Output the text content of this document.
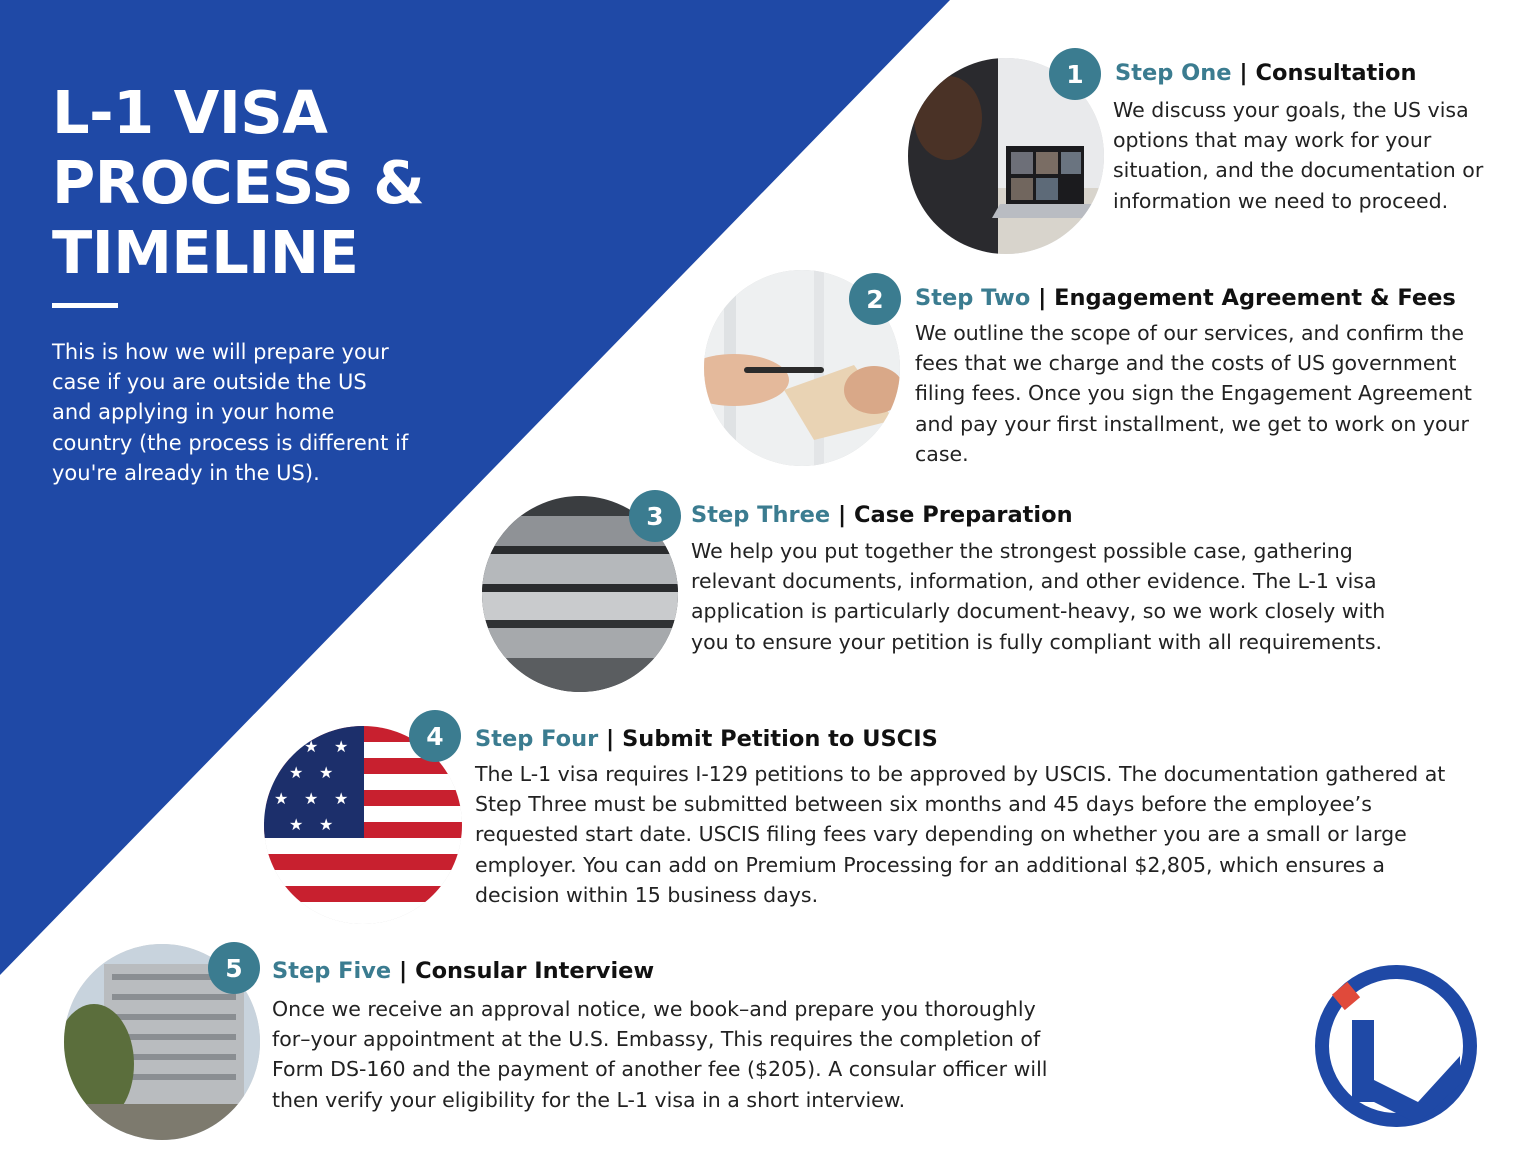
L-1 VISA
PROCESS &
TIMELINE

This is how we will prepare your case if you are outside the US and applying in your home country (the process is different if you're already in the US).

1	Step One | Consultation

We discuss your goals, the US visa options that may work for your situation, and the documentation or information we need to proceed.

2	Step Two | Engagement Agreement & Fees

We outline the scope of our services, and confirm the fees that we charge and the costs of US government filing fees. Once you sign the Engagement Agreement and pay your first installment, we get to work on your case.

3	Step Three | Case Preparation

We help you put together the strongest possible case, gathering relevant documents, information, and other evidence. The L-1 visa application is particularly document-heavy, so we work closely with you to ensure your petition is fully compliant with all requirements.

★ ★ ★
★ ★
★ ★ ★
★ ★
4	Step Four | Submit Petition to USCIS

The L-1 visa requires I-129 petitions to be approved by USCIS. The documentation gathered at Step Three must be submitted between six months and 45 days before the employee’s requested start date. USCIS filing fees vary depending on whether you are a small or large employer. You can add on Premium Processing for an additional $2,805, which ensures a decision within 15 business days.

5	Step Five | Consular Interview

Once we receive an approval notice, we book–and prepare you thoroughly for–your appointment at the U.S. Embassy, This requires the completion of Form DS-160 and the payment of another fee ($205). A consular officer will then verify your eligibility for the L-1 visa in a short interview.
